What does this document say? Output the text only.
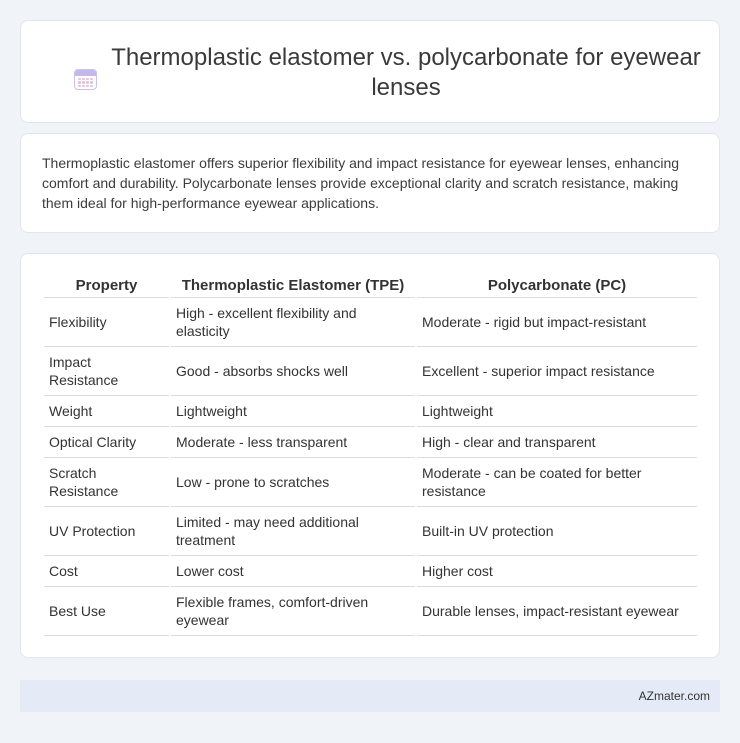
Thermoplastic elastomer vs. polycarbonate for eyewear lenses

Thermoplastic elastomer offers superior flexibility and impact resistance for eyewear lenses, enhancing comfort and durability. Polycarbonate lenses provide exceptional clarity and scratch resistance, making them ideal for high-performance eyewear applications.

Property	Thermoplastic Elastomer (TPE)	Polycarbonate (PC)
Flexibility	High - excellent flexibility and elasticity	Moderate - rigid but impact-resistant
Impact Resistance	Good - absorbs shocks well	Excellent - superior impact resistance
Weight	Lightweight	Lightweight
Optical Clarity	Moderate - less transparent	High - clear and transparent
Scratch Resistance	Low - prone to scratches	Moderate - can be coated for better resistance
UV Protection	Limited - may need additional treatment	Built-in UV protection
Cost	Lower cost	Higher cost
Best Use	Flexible frames, comfort-driven eyewear	Durable lenses, impact-resistant eyewear
AZmater.com
